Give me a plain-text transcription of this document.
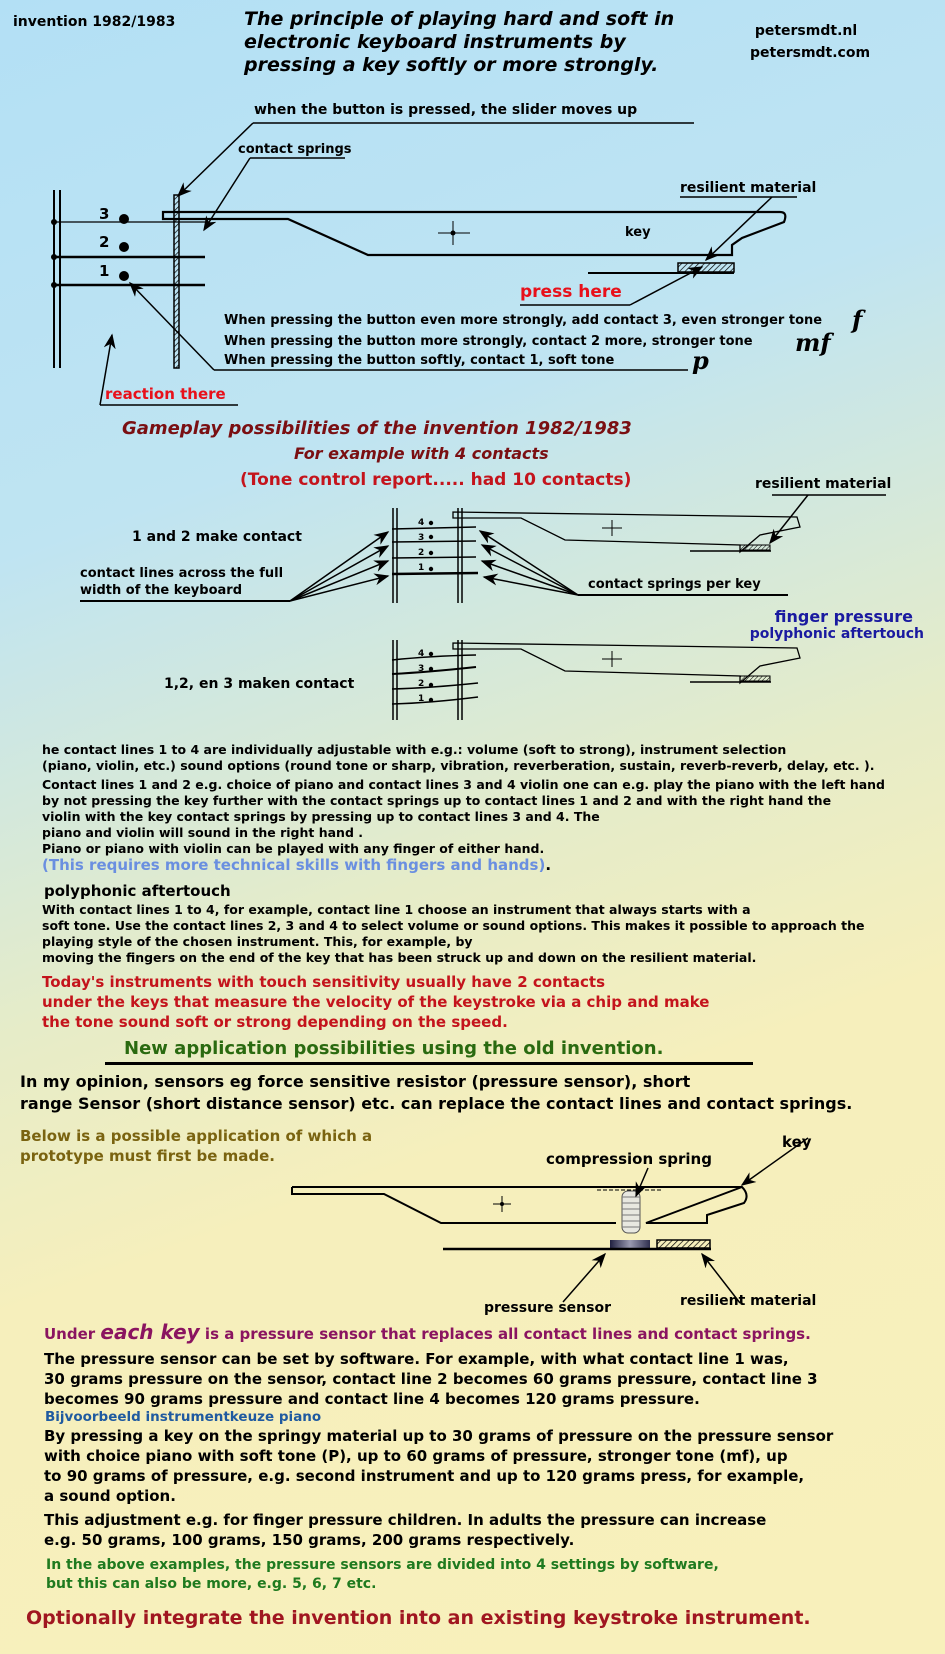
invention 1982/1983	The principle of playing hard and soft in
electronic keyboard instruments by
pressing a key softly or more strongly.
petersmdt.nl
petersmdt.com
when the button is pressed, the slider moves up
contact springs
resilient material
key
3
2
1
press here
reaction there
When pressing the button even more strongly, add contact 3, even stronger tone f
When pressing the button more strongly, contact 2 more, stronger tone mf
When pressing the button softly, contact 1, soft tone	p
Gameplay possibilities of the invention 1982/1983
For example with 4 contacts
(Tone control report..... had 10 contacts)	resilient material
1 and 2 make contact
contact lines across the full
width of the keyboard	contact springs per key
finger pressure
polyphonic aftertouch
1,2, en 3 maken contact
4
3
2
1
4
3
2
1
he contact lines 1 to 4 are individually adjustable with e.g.: volume (soft to strong), instrument selection
(piano, violin, etc.) sound options (round tone or sharp, vibration, reverberation, sustain, reverb-reverb, delay, etc. ).
Contact lines 1 and 2 e.g. choice of piano and contact lines 3 and 4 violin one can e.g. play the piano with the left hand
by not pressing the key further with the contact springs up to contact lines 1 and 2 and with the right hand the
violin with the key contact springs by pressing up to contact lines 3 and 4. The
piano and violin will sound in the right hand .
Piano or piano with violin can be played with any finger of either hand.
(This requires more technical skills with fingers and hands).
polyphonic aftertouch
With contact lines 1 to 4, for example, contact line 1 choose an instrument that always starts with a
soft tone. Use the contact lines 2, 3 and 4 to select volume or sound options. This makes it possible to approach the
playing style of the chosen instrument. This, for example, by
moving the fingers on the end of the key that has been struck up and down on the resilient material.
Today's instruments with touch sensitivity usually have 2 contacts
under the keys that measure the velocity of the keystroke via a chip and make
the tone sound soft or strong depending on the speed.
New application possibilities using the old invention.
In my opinion, sensors eg force sensitive resistor (pressure sensor), short
range Sensor (short distance sensor) etc. can replace the contact lines and contact springs.
Below is a possible application of which a
prototype must first be made.
key
compression spring
pressure sensor	resilient material
Under each key is a pressure sensor that replaces all contact lines and contact springs.
The pressure sensor can be set by software. For example, with what contact line 1 was,
30 grams pressure on the sensor, contact line 2 becomes 60 grams pressure, contact line 3
becomes 90 grams pressure and contact line 4 becomes 120 grams pressure.
Bijvoorbeeld instrumentkeuze piano
By pressing a key on the springy material up to 30 grams of pressure on the pressure sensor
with choice piano with soft tone (P), up to 60 grams of pressure, stronger tone (mf), up
to 90 grams of pressure, e.g. second instrument and up to 120 grams press, for example,
a sound option.
This adjustment e.g. for finger pressure children. In adults the pressure can increase
e.g. 50 grams, 100 grams, 150 grams, 200 grams respectively.
In the above examples, the pressure sensors are divided into 4 settings by software,
but this can also be more, e.g. 5, 6, 7 etc.
Optionally integrate the invention into an existing keystroke instrument.
